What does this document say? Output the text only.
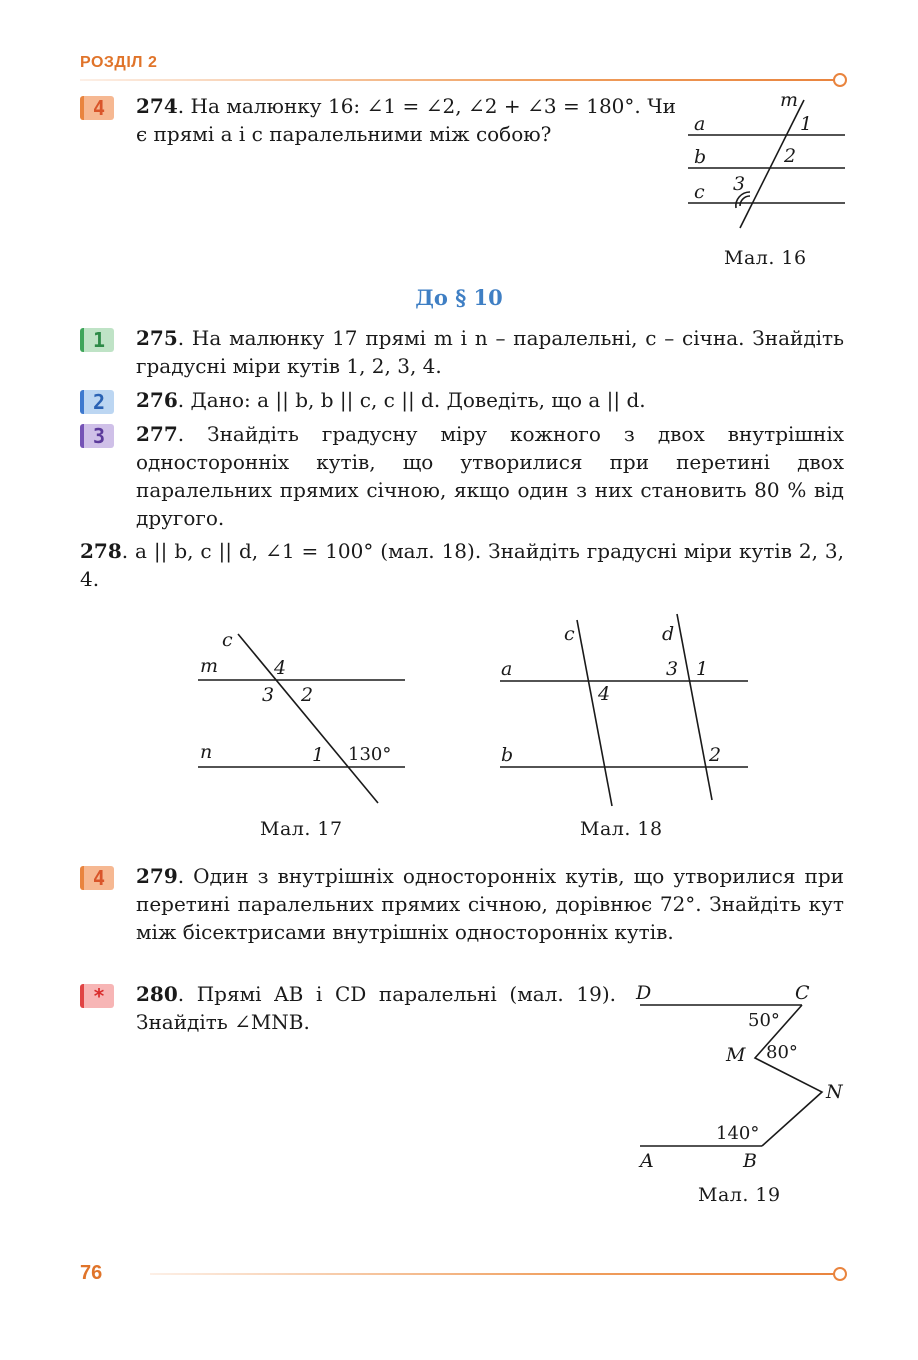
РОЗДІЛ 2
4	274. На малюнку 16: ∠1 = ∠2, ∠2 + ∠3 = 180°. Чи є прямі a і c паралельними між собою?
m
a
b
c
1
2
3
Мал. 16
До § 10
1	275. На малюнку 17 прямі m і n – паралельні, c – січна. Знайдіть градусні міри кутів 1, 2, 3, 4.
2	276. Дано: a || b, b || c, c || d. Доведіть, що a || d.
3	277. Знайдіть градусну міру кожного з двох внутрішніх односторонніх кутів, що утворилися при перетині двох паралельних прямих січною, якщо один з них становить 80 % від другого.
278. a || b, c || d, ∠1 = 100° (мал. 18). Знайдіть градусні міри кутів 2, 3, 4.
c
m
n
4
3 2
1 130°
Мал. 17
c	d
a
b
3 1
4
2
Мал. 18
4	279. Один з внутрішніх односторонніх кутів, що утворилися при перетині паралельних прямих січною, дорівнює 72°. Знайдіть кут між бісектрисами внутрішніх односторонніх кутів.
*	280. Прямі AB і CD паралельні (мал. 19). Знайдіть ∠MNB.
D	C
50°
M 80°
N
140°
A	B
Мал. 19
76
